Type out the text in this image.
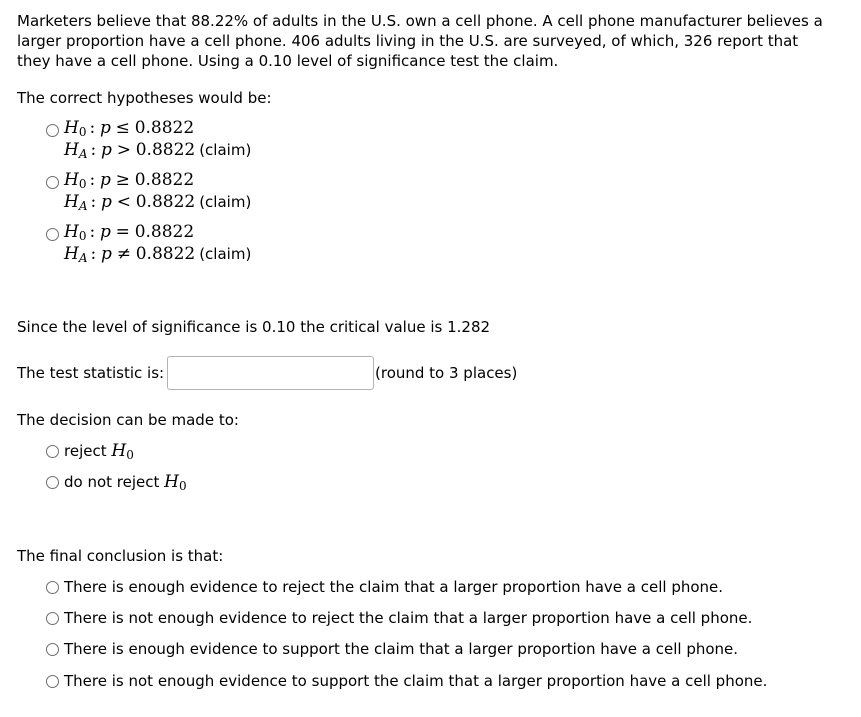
Marketers believe that 88.22% of adults in the U.S. own a cell phone. A cell phone manufacturer believes a
larger proportion have a cell phone. 406 adults living in the U.S. are surveyed, of which, 326 report that
they have a cell phone. Using a 0.10 level of significance test the claim.
The correct hypotheses would be:
$H_0$ : p ≤ 0.8822
$H_A$ : p > 0.8822 (claim)
$H_0$ : p ≥ 0.8822
$H_A$ : p < 0.8822 (claim)
$H_0$ : p = 0.8822
$H_A$ : p ≠ 0.8822 (claim)
Since the level of significance is 0.10 the critical value is 1.282
The test statistic is:	(round to 3 places)
The decision can be made to:
reject $H_0$
do not reject $H_0$
The final conclusion is that:
There is enough evidence to reject the claim that a larger proportion have a cell phone.
There is not enough evidence to reject the claim that a larger proportion have a cell phone.
There is enough evidence to support the claim that a larger proportion have a cell phone.
There is not enough evidence to support the claim that a larger proportion have a cell phone.
